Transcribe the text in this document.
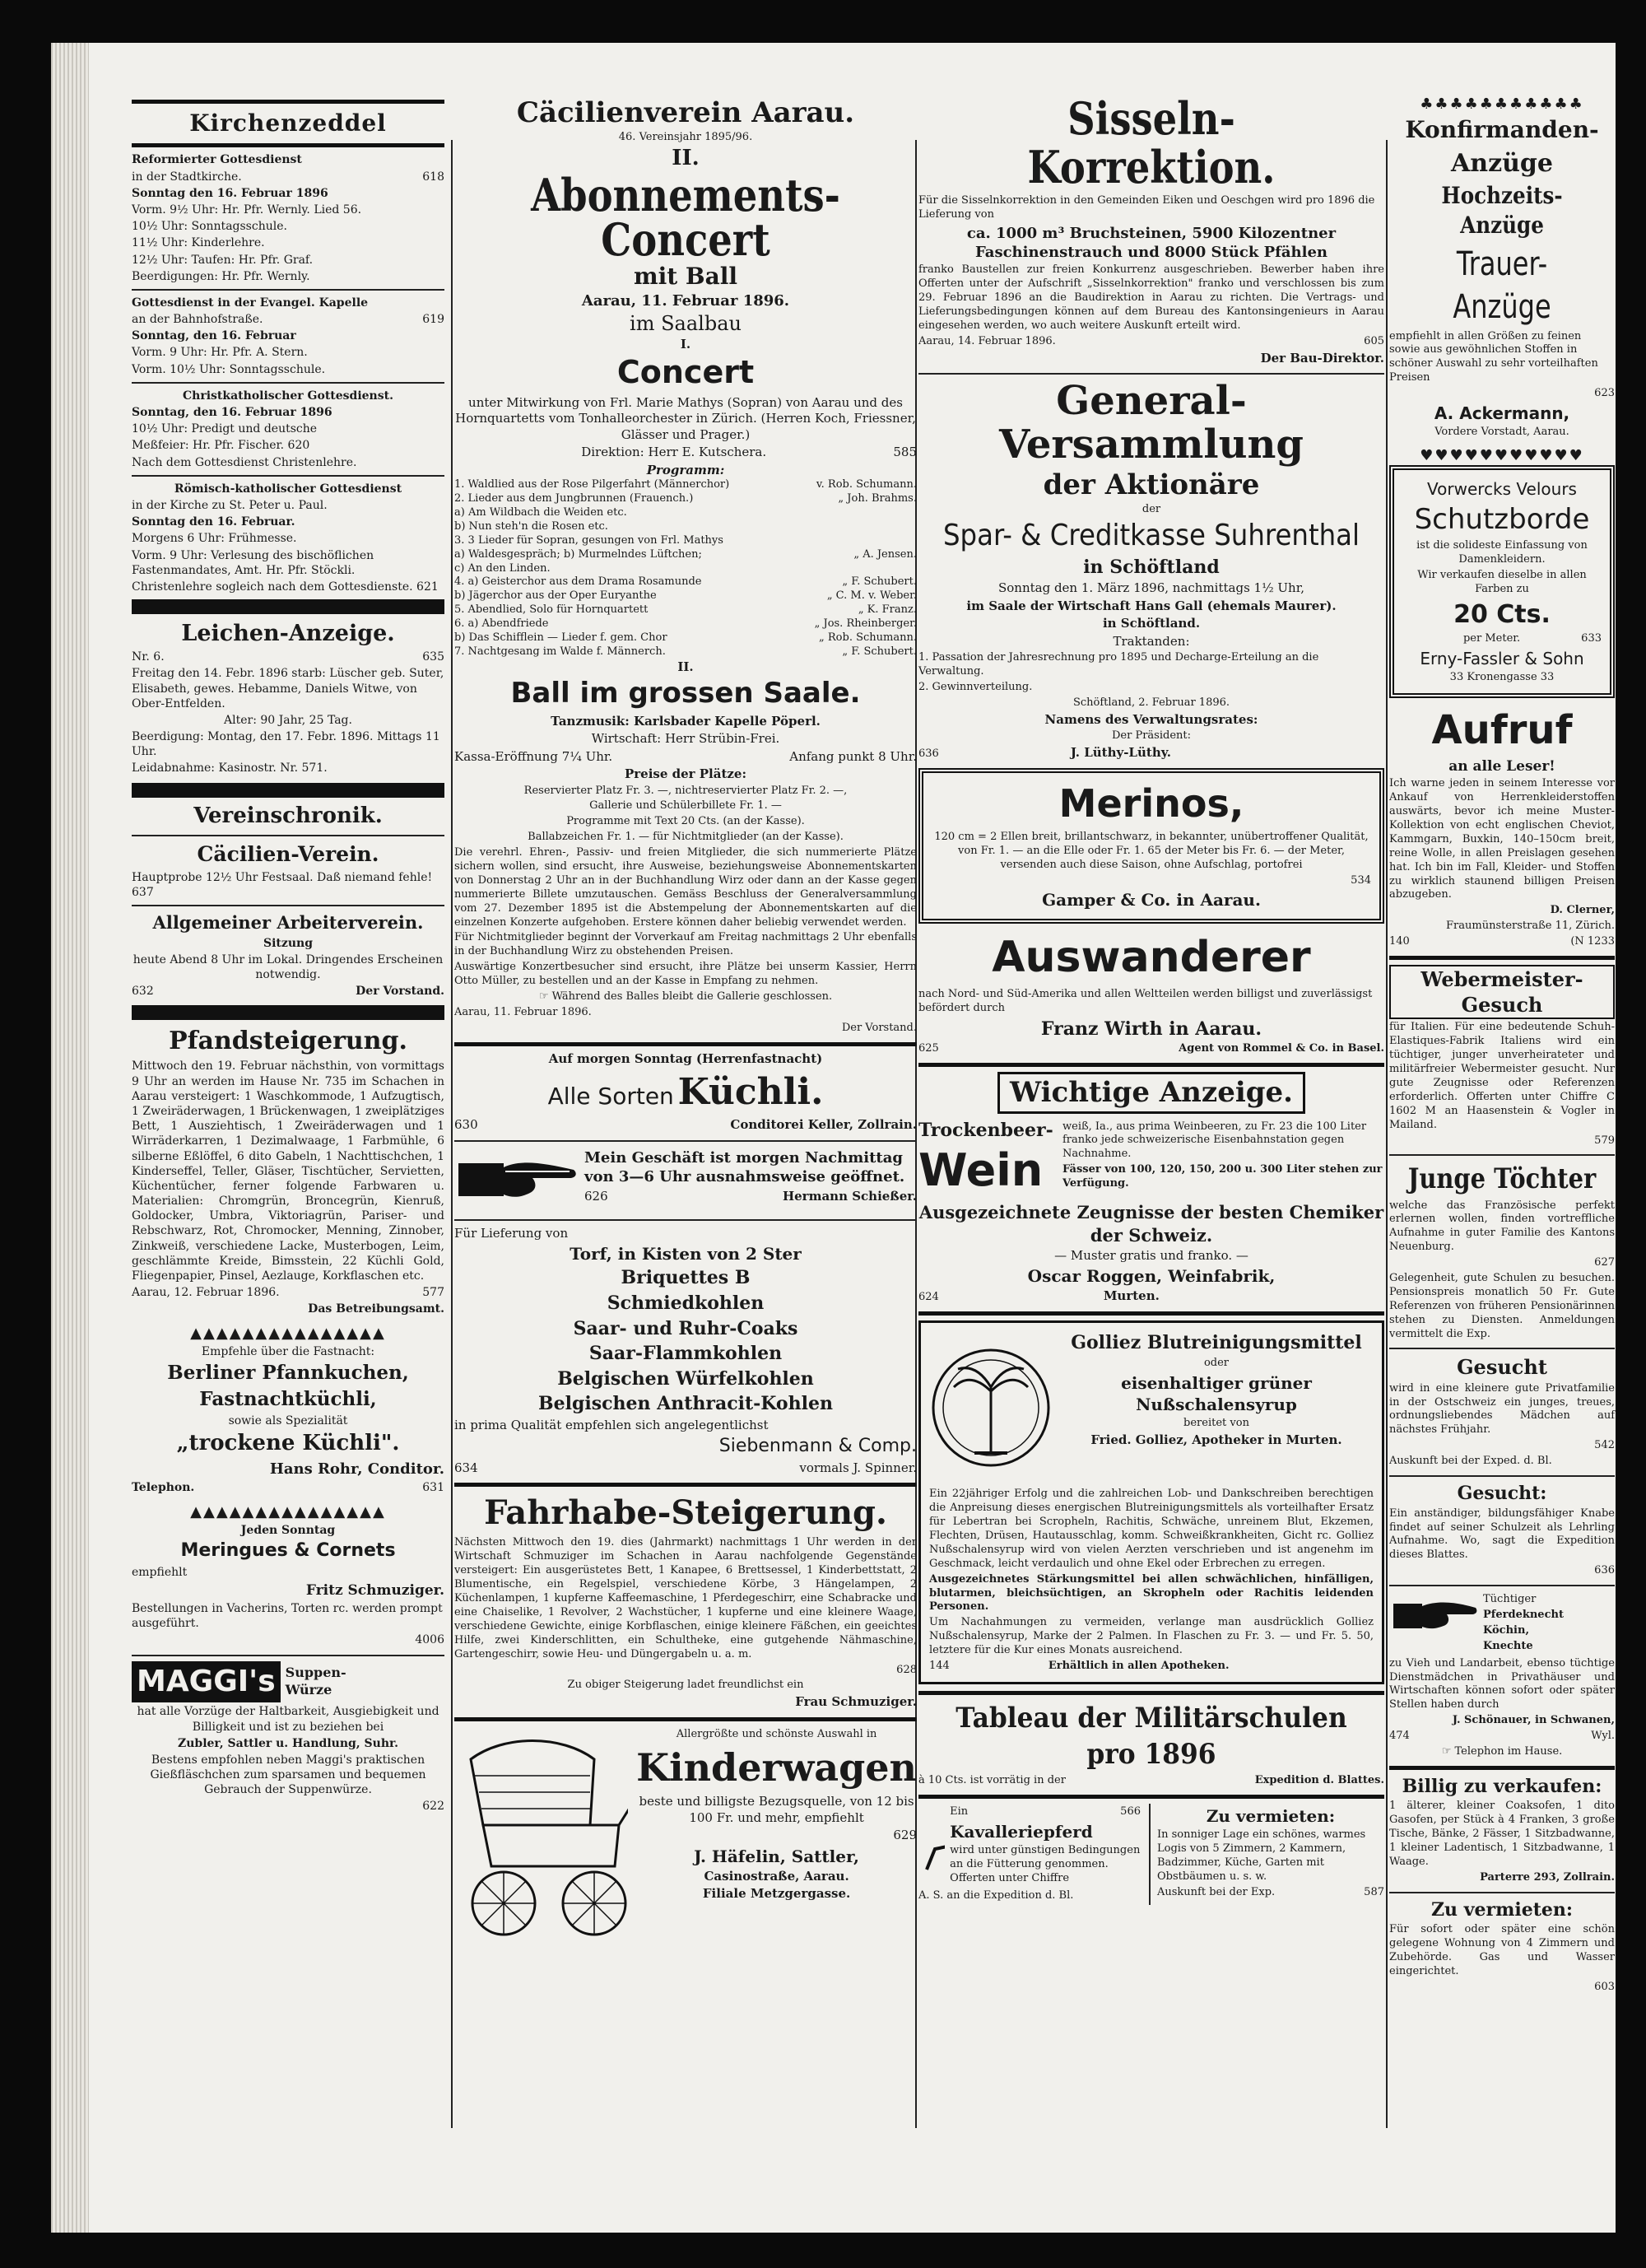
Kirchenzeddel

Reformierter Gottesdienst

in der Stadtkirche.	618

Sonntag den 16. Februar 1896

Vorm. 9½ Uhr: Hr. Pfr. Wernly. Lied 56.

10½ Uhr: Sonntagsschule.

11½ Uhr: Kinderlehre.

12½ Uhr: Taufen: Hr. Pfr. Graf.

Beerdigungen: Hr. Pfr. Wernly.

Gottesdienst in der Evangel. Kapelle

an der Bahnhofstraße.	619

Sonntag, den 16. Februar

Vorm. 9 Uhr: Hr. Pfr. A. Stern.

Vorm. 10½ Uhr: Sonntagsschule.

Christkatholischer Gottesdienst.

Sonntag, den 16. Februar 1896

10½ Uhr: Predigt und deutsche

Meßfeier: Hr. Pfr. Fischer. 620

Nach dem Gottesdienst Christenlehre.

Römisch-katholischer Gottesdienst

in der Kirche zu St. Peter u. Paul.

Sonntag den 16. Februar.

Morgens 6 Uhr: Frühmesse.

Vorm. 9 Uhr: Verlesung des bischöflichen Fastenmandates, Amt. Hr. Pfr. Stöckli.

Christenlehre sogleich nach dem Gottesdienste. 621

Leichen-Anzeige.

Nr. 6.	635

Freitag den 14. Febr. 1896 starb: Lüscher geb. Suter, Elisabeth, gewes. Hebamme, Daniels Witwe, von Ober-Entfelden.

Alter: 90 Jahr, 25 Tag.

Beerdigung: Montag, den 17. Febr. 1896. Mittags 11 Uhr.

Leidabnahme: Kasinostr. Nr. 571.

Vereinschronik.
Cäcilien-Verein.

Hauptprobe 12½ Uhr Festsaal. Daß niemand fehle! 637

Allgemeiner Arbeiterverein.

Sitzung

heute Abend 8 Uhr im Lokal. Dringendes Erscheinen notwendig.

632	Der Vorstand.

Pfandsteigerung.

Mittwoch den 19. Februar nächsthin, von vormittags 9 Uhr an werden im Hause Nr. 735 im Schachen in Aarau versteigert: 1 Waschkommode, 1 Aufzugtisch, 1 Zweiräderwagen, 1 Brückenwagen, 1 zweiplätziges Bett, 1 Ausziehtisch, 1 Zweiräderwagen und 1 Wirräderkarren, 1 Dezimalwaage, 1 Farbmühle, 6 silberne Eßlöffel, 6 dito Gabeln, 1 Nachttischchen, 1 Kinderseffel, Teller, Gläser, Tischtücher, Servietten, Küchentücher, ferner folgende Farbwaren u. Materialien: Chromgrün, Broncegrün, Kienruß, Goldocker, Umbra, Viktoriagrün, Pariser- und Rebschwarz, Rot, Chromocker, Menning, Zinnober, Zinkweiß, verschiedene Lacke, Musterbogen, Leim, geschlämmte Kreide, Bimsstein, 22 Küchli Gold, Fliegenpapier, Pinsel, Aezlauge, Korkflaschen etc.

Aarau, 12. Februar 1896.	577

Das Betreibungsamt.

▲▲▲▲▲▲▲▲▲▲▲▲▲▲▲

Empfehle über die Fastnacht:

Berliner Pfannkuchen,

Fastnachtküchli,

sowie als Spezialität

„trockene Küchli".

Hans Rohr, Conditor.

Telephon.	631

▲▲▲▲▲▲▲▲▲▲▲▲▲▲▲

Jeden Sonntag

Meringues & Cornets

empfiehlt

Fritz Schmuziger.

Bestellungen in Vacherins, Torten rc. werden prompt ausgeführt.

4006

MAGGI's Suppen-Würze

hat alle Vorzüge der Haltbarkeit, Ausgiebigkeit und Billigkeit und ist zu beziehen bei

Zubler, Sattler u. Handlung, Suhr.

Bestens empfohlen neben Maggi's praktischen Gießfläschchen zum sparsamen und bequemen Gebrauch der Suppenwürze.

622

Cäcilienverein Aarau.
46. Vereinsjahr 1895/96.
II.
Abonnements-Concert
mit Ball
Aarau, 11. Februar 1896.
im Saalbau
I.
Concert

unter Mitwirkung von Frl. Marie Mathys (Sopran) von Aarau und des Hornquartetts vom Tonhalleorchester in Zürich. (Herren Koch, Friessner, Glässer und Prager.)

Direktion: Herr E. Kutschera.	585

Programm:
1. Waldlied aus der Rose Pilgerfahrt (Männerchor)	v. Rob. Schumann.
2. Lieder aus dem Jungbrunnen (Frauench.)	„ Joh. Brahms.
a) Am Wildbach die Weiden etc.
b) Nun steh'n die Rosen etc.
3. 3 Lieder für Sopran, gesungen von Frl. Mathys
a) Waldesgespräch; b) Murmelndes Lüftchen;	„ A. Jensen.
c) An den Linden.
4. a) Geisterchor aus dem Drama Rosamunde	„ F. Schubert.
b) Jägerchor aus der Oper Euryanthe	„ C. M. v. Weber.
5. Abendlied, Solo für Hornquartett	„ K. Franz.
6. a) Abendfriede	„ Jos. Rheinberger.
b) Das Schifflein — Lieder f. gem. Chor	„ Rob. Schumann.
7. Nachtgesang im Walde f. Männerch.	„ F. Schubert.
II.
Ball im grossen Saale.

Tanzmusik: Karlsbader Kapelle Pöperl.

Wirtschaft: Herr Strübin-Frei.

Kassa-Eröffnung 7¼ Uhr.	Anfang punkt 8 Uhr.

Preise der Plätze:

Reservierter Platz Fr. 3. —, nichtreservierter Platz Fr. 2. —,

Gallerie und Schülerbillete Fr. 1. —

Programme mit Text 20 Cts. (an der Kasse).

Ballabzeichen Fr. 1. — für Nichtmitglieder (an der Kasse).

Die verehrl. Ehren-, Passiv- und freien Mitglieder, die sich nummerierte Plätze sichern wollen, sind ersucht, ihre Ausweise, beziehungsweise Abonnementskarten von Donnerstag 2 Uhr an in der Buchhandlung Wirz oder dann an der Kasse gegen nummerierte Billete umzutauschen. Gemäss Beschluss der Generalversammlung vom 27. Dezember 1895 ist die Abstempelung der Abonnementskarten auf die einzelnen Konzerte aufgehoben. Erstere können daher beliebig verwendet werden.

Für Nichtmitglieder beginnt der Vorverkauf am Freitag nachmittags 2 Uhr ebenfalls in der Buchhandlung Wirz zu obstehenden Preisen.

Auswärtige Konzertbesucher sind ersucht, ihre Plätze bei unserm Kassier, Herrn Otto Müller, zu bestellen und an der Kasse in Empfang zu nehmen.

☞ Während des Balles bleibt die Gallerie geschlossen.

Aarau, 11. Februar 1896.

Der Vorstand.

Auf morgen Sonntag (Herrenfastnacht)

Alle Sorten Küchli.

630	Conditorei Keller, Zollrain.

Mein Geschäft ist morgen Nachmittag von 3—6 Uhr ausnahmsweise geöffnet.

626	Hermann Schießer.

Für Lieferung von

Torf, in Kisten von 2 Ster

Briquettes B

Schmiedkohlen

Saar- und Ruhr-Coaks

Saar-Flammkohlen

Belgischen Würfelkohlen

Belgischen Anthracit-Kohlen

in prima Qualität empfehlen sich angelegentlichst

Siebenmann & Comp.

634	vormals J. Spinner.

Fahrhabe-Steigerung.

Nächsten Mittwoch den 19. dies (Jahrmarkt) nachmittags 1 Uhr werden in der Wirtschaft Schmuziger im Schachen in Aarau nachfolgende Gegenstände versteigert: Ein ausgerüstetes Bett, 1 Kanapee, 6 Brettsessel, 1 Kinderbettstatt, 2 Blumentische, ein Regelspiel, verschiedene Körbe, 3 Hängelampen, 2 Küchenlampen, 1 kupferne Kaffeemaschine, 1 Pferdegeschirr, eine Schabracke und eine Chaiselike, 1 Revolver, 2 Wachstücher, 1 kupferne und eine kleinere Waage, verschiedene Gewichte, einige Korbflaschen, einige kleinere Fäßchen, ein geeichtes Hilfe, zwei Kinderschlitten, ein Schultheke, eine gutgehende Nähmaschine, Gartengeschirr, sowie Heu- und Düngergabeln u. a. m.

628

Zu obiger Steigerung ladet freundlichst ein

Frau Schmuziger.

Allergrößte und schönste Auswahl in

Kinderwagen

beste und billigste Bezugsquelle, von 12 bis 100 Fr. und mehr, empfiehlt

629

J. Häfelin, Sattler,

Casinostraße, Aarau.

Filiale Metzgergasse.

Sisseln-Korrektion.

Für die Sisselnkorrektion in den Gemeinden Eiken und Oeschgen wird pro 1896 die Lieferung von

ca. 1000 m³ Bruchsteinen, 5900 Kilozentner Faschinenstrauch und 8000 Stück Pfählen

franko Baustellen zur freien Konkurrenz ausgeschrieben. Bewerber haben ihre Offerten unter der Aufschrift „Sisselnkorrektion" franko und verschlossen bis zum 29. Februar 1896 an die Baudirektion in Aarau zu richten. Die Vertrags- und Lieferungsbedingungen können auf dem Bureau des Kantonsingenieurs in Aarau eingesehen werden, wo auch weitere Auskunft erteilt wird.

Aarau, 14. Februar 1896.	605

Der Bau-Direktor.

General-Versammlung
der Aktionäre
der
Spar- & Creditkasse Suhrenthal
in Schöftland

Sonntag den 1. März 1896, nachmittags 1½ Uhr,

im Saale der Wirtschaft Hans Gall (ehemals Maurer).

in Schöftland.

Traktanden:

1. Passation der Jahresrechnung pro 1895 und Decharge-Erteilung an die Verwaltung.

2. Gewinnverteilung.

Schöftland, 2. Februar 1896.

Namens des Verwaltungsrates:

Der Präsident:

636	J. Lüthy-Lüthy.

Merinos,

120 cm = 2 Ellen breit, brillantschwarz, in bekannter, unübertroffener Qualität, von Fr. 1. — an die Elle oder Fr. 1. 65 der Meter bis Fr. 6. — der Meter, versenden auch diese Saison, ohne Aufschlag, portofrei

534

Gamper & Co. in Aarau.

Auswanderer

nach Nord- und Süd-Amerika und allen Weltteilen werden billigst und zuverlässigst befördert durch

Franz Wirth in Aarau.

625	Agent von Rommel & Co. in Basel.

Wichtige Anzeige.
Trockenbeer-
Wein

weiß, Ia., aus prima Weinbeeren, zu Fr. 23 die 100 Liter franko jede schweizerische Eisenbahnstation gegen Nachnahme.

Fässer von 100, 120, 150, 200 u. 300 Liter stehen zur Verfügung.

Ausgezeichnete Zeugnisse der besten Chemiker der Schweiz.

— Muster gratis und franko. —

Oscar Roggen, Weinfabrik,

624	Murten.

Golliez Blutreinigungsmittel

oder

eisenhaltiger grüner Nußschalensyrup

bereitet von

Fried. Golliez, Apotheker in Murten.

Ein 22jähriger Erfolg und die zahlreichen Lob- und Dankschreiben berechtigen die Anpreisung dieses energischen Blutreinigungsmittels als vorteilhafter Ersatz für Lebertran bei Scropheln, Rachitis, Schwäche, unreinem Blut, Ekzemen, Flechten, Drüsen, Hautausschlag, komm. Schweißkrankheiten, Gicht rc. Golliez Nußschalensyrup wird von vielen Aerzten verschrieben und ist angenehm im Geschmack, leicht verdaulich und ohne Ekel oder Erbrechen zu erregen.

Ausgezeichnetes Stärkungsmittel bei allen schwächlichen, hinfälligen, blutarmen, bleichsüchtigen, an Skropheln oder Rachitis leidenden Personen.

Um Nachahmungen zu vermeiden, verlange man ausdrücklich Golliez Nußschalensyrup, Marke der 2 Palmen. In Flaschen zu Fr. 3. — und Fr. 5. 50, letztere für die Kur eines Monats ausreichend.

144	Erhältlich in allen Apotheken.

Tableau der Militärschulen pro 1896

à 10 Cts. ist vorrätig in der	Expedition d. Blattes.

Ein	566

Kavalleriepferd

wird unter günstigen Bedingungen an die Fütterung genommen. Offerten unter Chiffre

A. S. an die Expedition d. Bl.

Zu vermieten:

In sonniger Lage ein schönes, warmes Logis von 5 Zimmern, 2 Kammern, Badzimmer, Küche, Garten mit Obstbäumen u. s. w.

Auskunft bei der Exp.	587

♣♣♣♣♣♣♣♣♣♣♣

Konfirmanden-

Anzüge

Hochzeits-Anzüge

Trauer-Anzüge

empfiehlt in allen Größen zu feinen sowie aus gewöhnlichen Stoffen in schöner Auswahl zu sehr vorteilhaften Preisen

623

A. Ackermann,

Vordere Vorstadt, Aarau.

♥♥♥♥♥♥♥♥♥♥♥

Vorwercks Velours

Schutzborde

ist die solideste Einfassung von Damenkleidern.

Wir verkaufen dieselbe in allen Farben zu

20 Cts.

per Meter.	633

Erny-Fassler & Sohn

33 Kronengasse 33

Aufruf

an alle Leser!

Ich warne jeden in seinem Interesse vor Ankauf von Herrenkleiderstoffen auswärts, bevor ich meine Muster-Kollektion von echt englischen Cheviot, Kammgarn, Buxkin, 140–150cm breit, reine Wolle, in allen Preislagen gesehen hat. Ich bin im Fall, Kleider- und Stoffen zu wirklich staunend billigen Preisen abzugeben.

D. Clerner,

Fraumünsterstraße 11, Zürich.

140	(N 1233

Webermeister-Gesuch

für Italien. Für eine bedeutende Schuh-Elastiques-Fabrik Italiens wird ein tüchtiger, junger unverheirateter und militärfreier Webermeister gesucht. Nur gute Zeugnisse oder Referenzen erforderlich. Offerten unter Chiffre C 1602 M an Haasenstein & Vogler in Mailand.

579

Junge Töchter

welche das Französische perfekt erlernen wollen, finden vortreffliche Aufnahme in guter Familie des Kantons Neuenburg.

627

Gelegenheit, gute Schulen zu besuchen. Pensionspreis monatlich 50 Fr. Gute Referenzen von früheren Pensionärinnen stehen zu Diensten. Anmeldungen vermittelt die Exp.

Gesucht

wird in eine kleinere gute Privatfamilie in der Ostschweiz ein junges, treues, ordnungsliebendes Mädchen auf nächstes Frühjahr.

542

Auskunft bei der Exped. d. Bl.

Gesucht:

Ein anständiger, bildungsfähiger Knabe findet auf seiner Schulzeit als Lehrling Aufnahme. Wo, sagt die Expedition dieses Blattes.

636

Tüchtiger

Pferdeknecht

Köchin,

Knechte

zu Vieh und Landarbeit, ebenso tüchtige Dienstmädchen in Privathäuser und Wirtschaften können sofort oder später Stellen haben durch

J. Schönauer, in Schwanen,

474	Wyl.

☞ Telephon im Hause.

Billig zu verkaufen:

1 älterer, kleiner Coaksofen, 1 dito Gasofen, per Stück à 4 Franken, 3 große Tische, Bänke, 2 Fässer, 1 Sitzbadwanne, 1 kleiner Ladentisch, 1 Sitzbadwanne, 1 Waage.

Parterre 293, Zollrain.

Zu vermieten:

Für sofort oder später eine schön gelegene Wohnung von 4 Zimmern und Zubehörde. Gas und Wasser eingerichtet.

603
